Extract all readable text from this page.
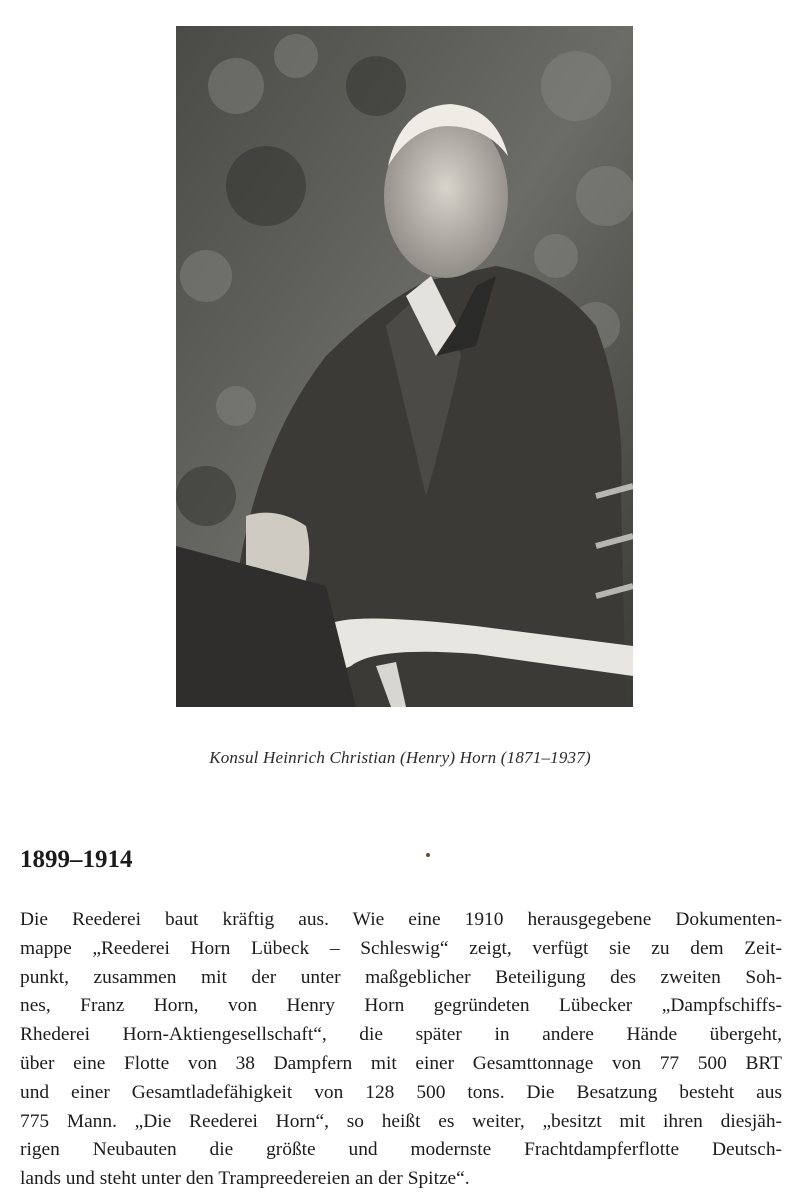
Konsul Heinrich Christian (Henry) Horn (1871–1937)
1899–1914
Die Reederei baut kräftig aus. Wie eine 1910 herausgegebene Dokumenten-
mappe „Reederei Horn Lübeck – Schleswig“ zeigt, verfügt sie zu dem Zeit-
punkt, zusammen mit der unter maßgeblicher Beteiligung des zweiten Soh-
nes, Franz Horn, von Henry Horn gegründeten Lübecker „Dampfschiffs-
Rhederei Horn-Aktiengesellschaft“, die später in andere Hände übergeht,
über eine Flotte von 38 Dampfern mit einer Gesamttonnage von 77 500 BRT
und einer Gesamtladefähigkeit von 128 500 tons. Die Besatzung besteht aus
775 Mann. „Die Reederei Horn“, so heißt es weiter, „besitzt mit ihren diesjäh-
rigen Neubauten die größte und modernste Frachtdampferflotte Deutsch-
lands und steht unter den Trampreedereien an der Spitze“.
